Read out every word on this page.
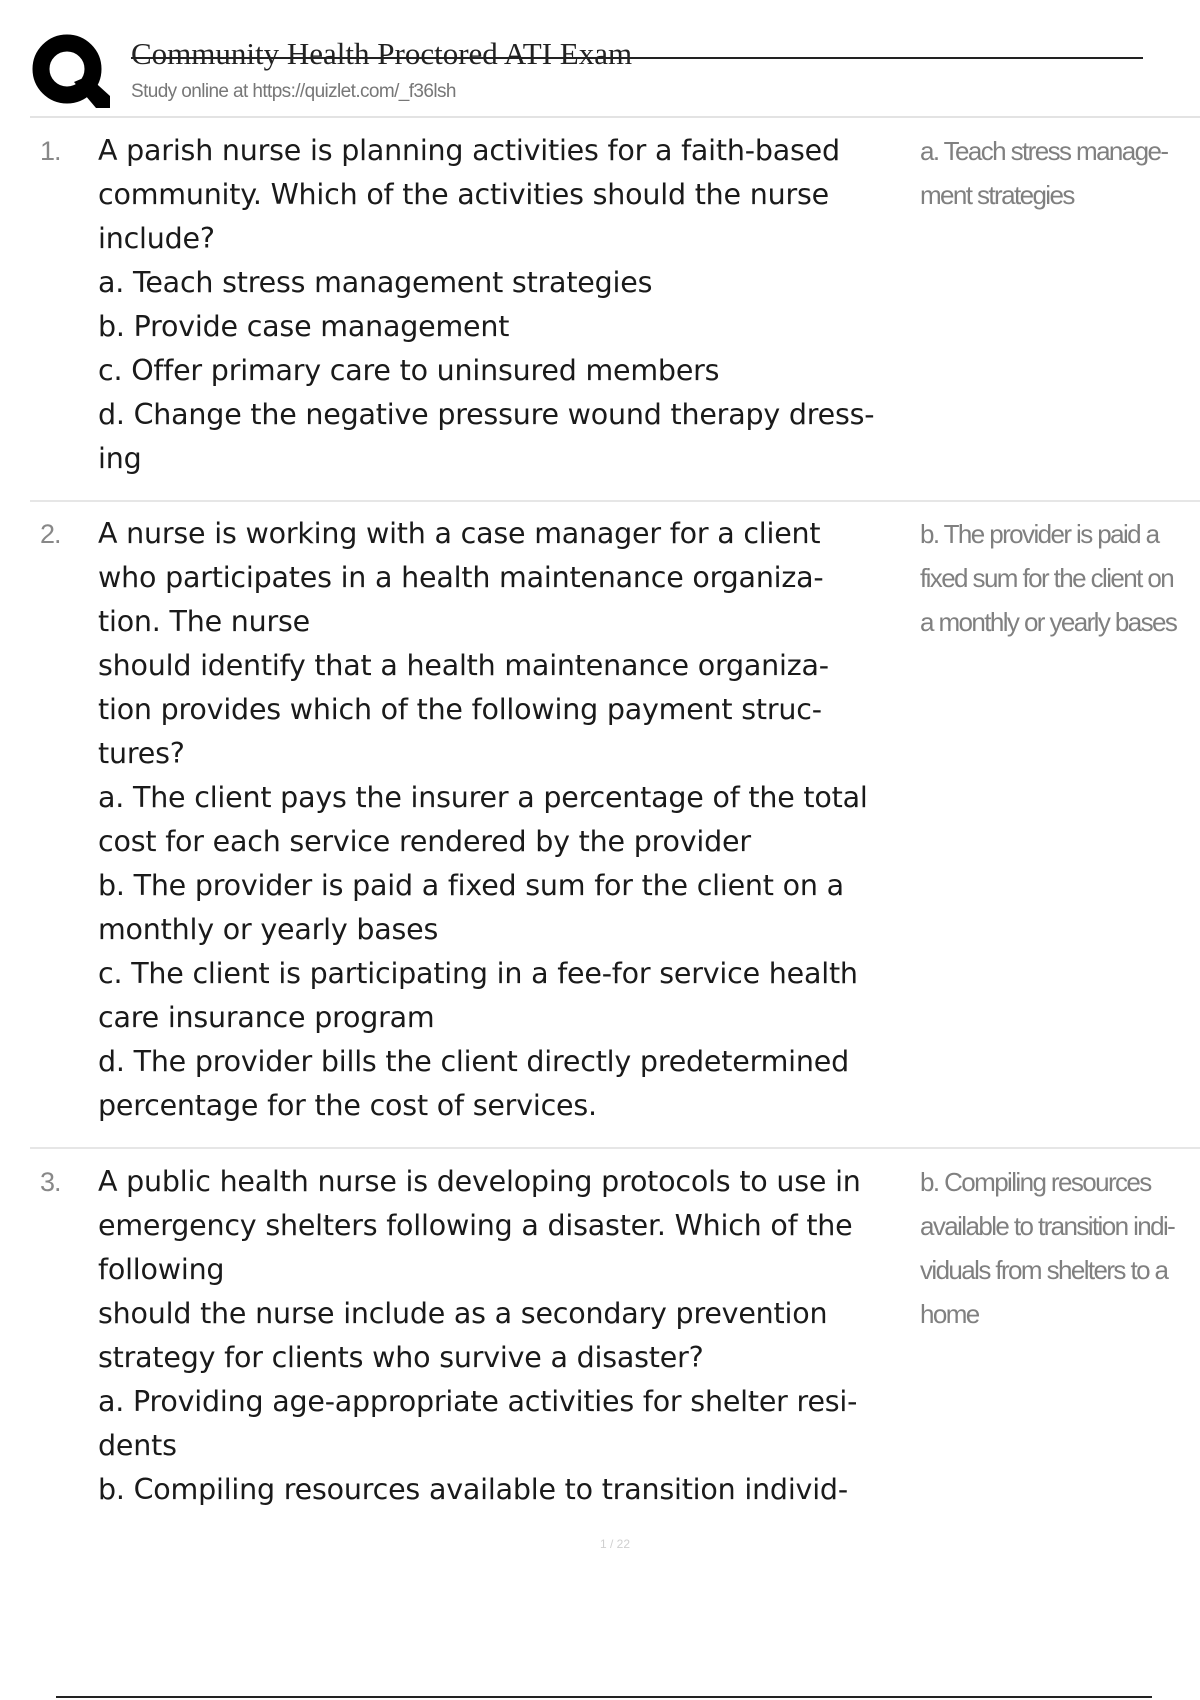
Community Health Proctored ATI Exam
Study online at https://quizlet.com/_f36lsh
1. A parish nurse is planning activities for a faith-based
community. Which of the activities should the nurse
include?
a. Teach stress management strategies
b. Provide case management
c. Offer primary care to uninsured members
d. Change the negative pressure wound therapy dress-
ing
a. Teach stress manage-
ment strategies
2. A nurse is working with a case manager for a client
who participates in a health maintenance organiza-
tion. The nurse
should identify that a health maintenance organiza-
tion provides which of the following payment struc-
tures?
a. The client pays the insurer a percentage of the total
cost for each service rendered by the provider
b. The provider is paid a fixed sum for the client on a
monthly or yearly bases
c. The client is participating in a fee-for service health
care insurance program
d. The provider bills the client directly predetermined
percentage for the cost of services.
b. The provider is paid a
fixed sum for the client on
a monthly or yearly bases
3. A public health nurse is developing protocols to use in
emergency shelters following a disaster. Which of the
following
should the nurse include as a secondary prevention
strategy for clients who survive a disaster?
a. Providing age-appropriate activities for shelter resi-
dents
b. Compiling resources available to transition individ-
b. Compiling resources
available to transition indi-
viduals from shelters to a
home
1 / 22
